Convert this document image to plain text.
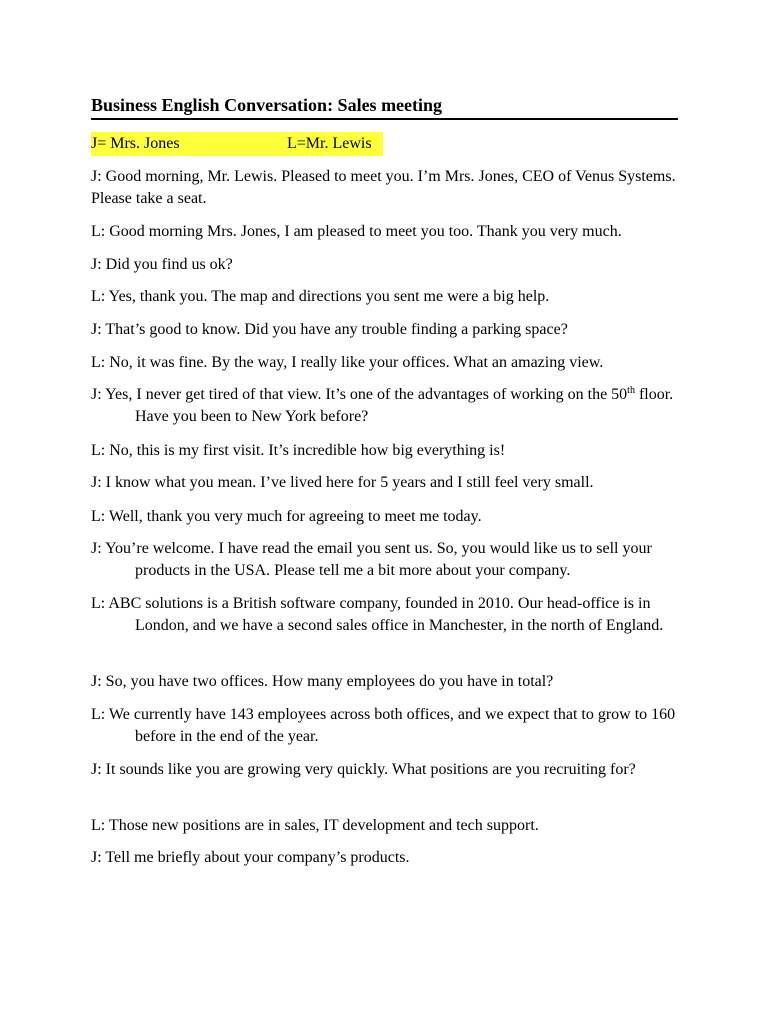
Business English Conversation: Sales meeting
J= Mrs. Jones	L=Mr. Lewis
J: Good morning, Mr. Lewis. Pleased to meet you. I’m Mrs. Jones, CEO of Venus Systems. Please take a seat.
L: Good morning Mrs. Jones, I am pleased to meet you too. Thank you very much.
J: Did you find us ok?
L: Yes, thank you. The map and directions you sent me were a big help.
J: That’s good to know. Did you have any trouble finding a parking space?
L: No, it was fine. By the way, I really like your offices. What an amazing view.
J: Yes, I never get tired of that view. It’s one of the advantages of working on the 50th floor. Have you been to New York before?
L: No, this is my first visit. It’s incredible how big everything is!
J: I know what you mean. I’ve lived here for 5 years and I still feel very small.
L: Well, thank you very much for agreeing to meet me today.
J: You’re welcome. I have read the email you sent us. So, you would like us to sell your products in the USA. Please tell me a bit more about your company.
L: ABC solutions is a British software company, founded in 2010. Our head-office is in London, and we have a second sales office in Manchester, in the north of England.
J: So, you have two offices. How many employees do you have in total?
L: We currently have 143 employees across both offices, and we expect that to grow to 160 before in the end of the year.
J: It sounds like you are growing very quickly. What positions are you recruiting for?
L: Those new positions are in sales, IT development and tech support.
J: Tell me briefly about your company’s products.
